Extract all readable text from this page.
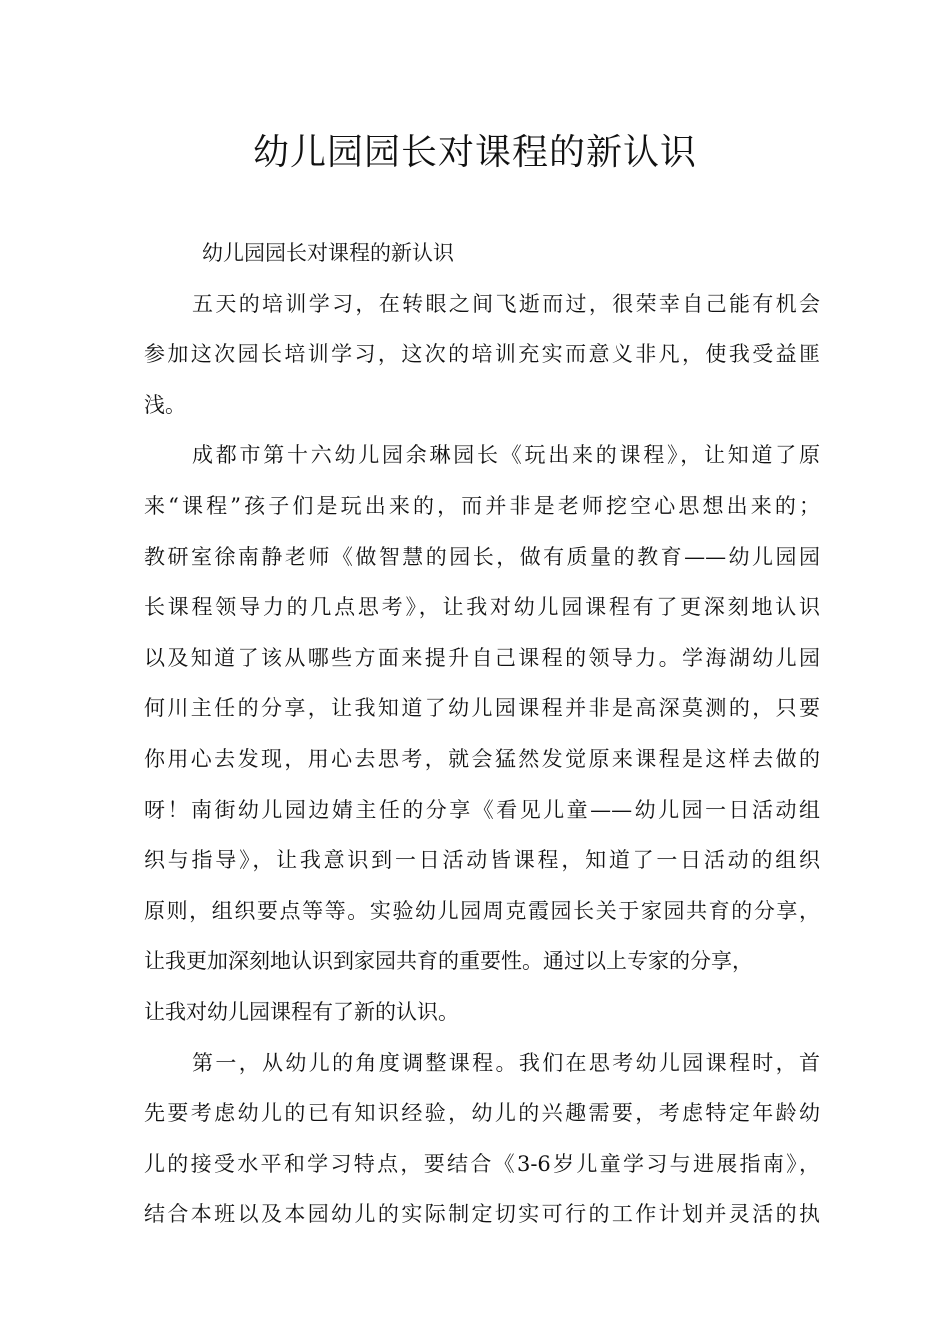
幼儿园园长对课程的新认识
幼儿园园长对课程的新认识
五天的培训学习，在转眼之间飞逝而过，很荣幸自己能有机会
参加这次园长培训学习，这次的培训充实而意义非凡，使我受益匪
浅。
成都市第十六幼儿园余琳园长《玩出来的课程》，让知道了原
来“课程”孩子们是玩出来的，而并非是老师挖空心思想出来的；
教研室徐南静老师《做智慧的园长，做有质量的教育——幼儿园园
长课程领导力的几点思考》，让我对幼儿园课程有了更深刻地认识
以及知道了该从哪些方面来提升自己课程的领导力。学海湖幼儿园
何川主任的分享，让我知道了幼儿园课程并非是高深莫测的，只要
你用心去发现，用心去思考，就会猛然发觉原来课程是这样去做的
呀！南街幼儿园边婧主任的分享《看见儿童——幼儿园一日活动组
织与指导》，让我意识到一日活动皆课程，知道了一日活动的组织
原则，组织要点等等。实验幼儿园周克霞园长关于家园共育的分享，
让我更加深刻地认识到家园共育的重要性。通过以上专家的分享，
让我对幼儿园课程有了新的认识。
第一，从幼儿的角度调整课程。我们在思考幼儿园课程时，首
先要考虑幼儿的已有知识经验，幼儿的兴趣需要，考虑特定年龄幼
儿的接受水平和学习特点，要结合《3-6岁儿童学习与进展指南》，
结合本班以及本园幼儿的实际制定切实可行的工作计划并灵活的执
